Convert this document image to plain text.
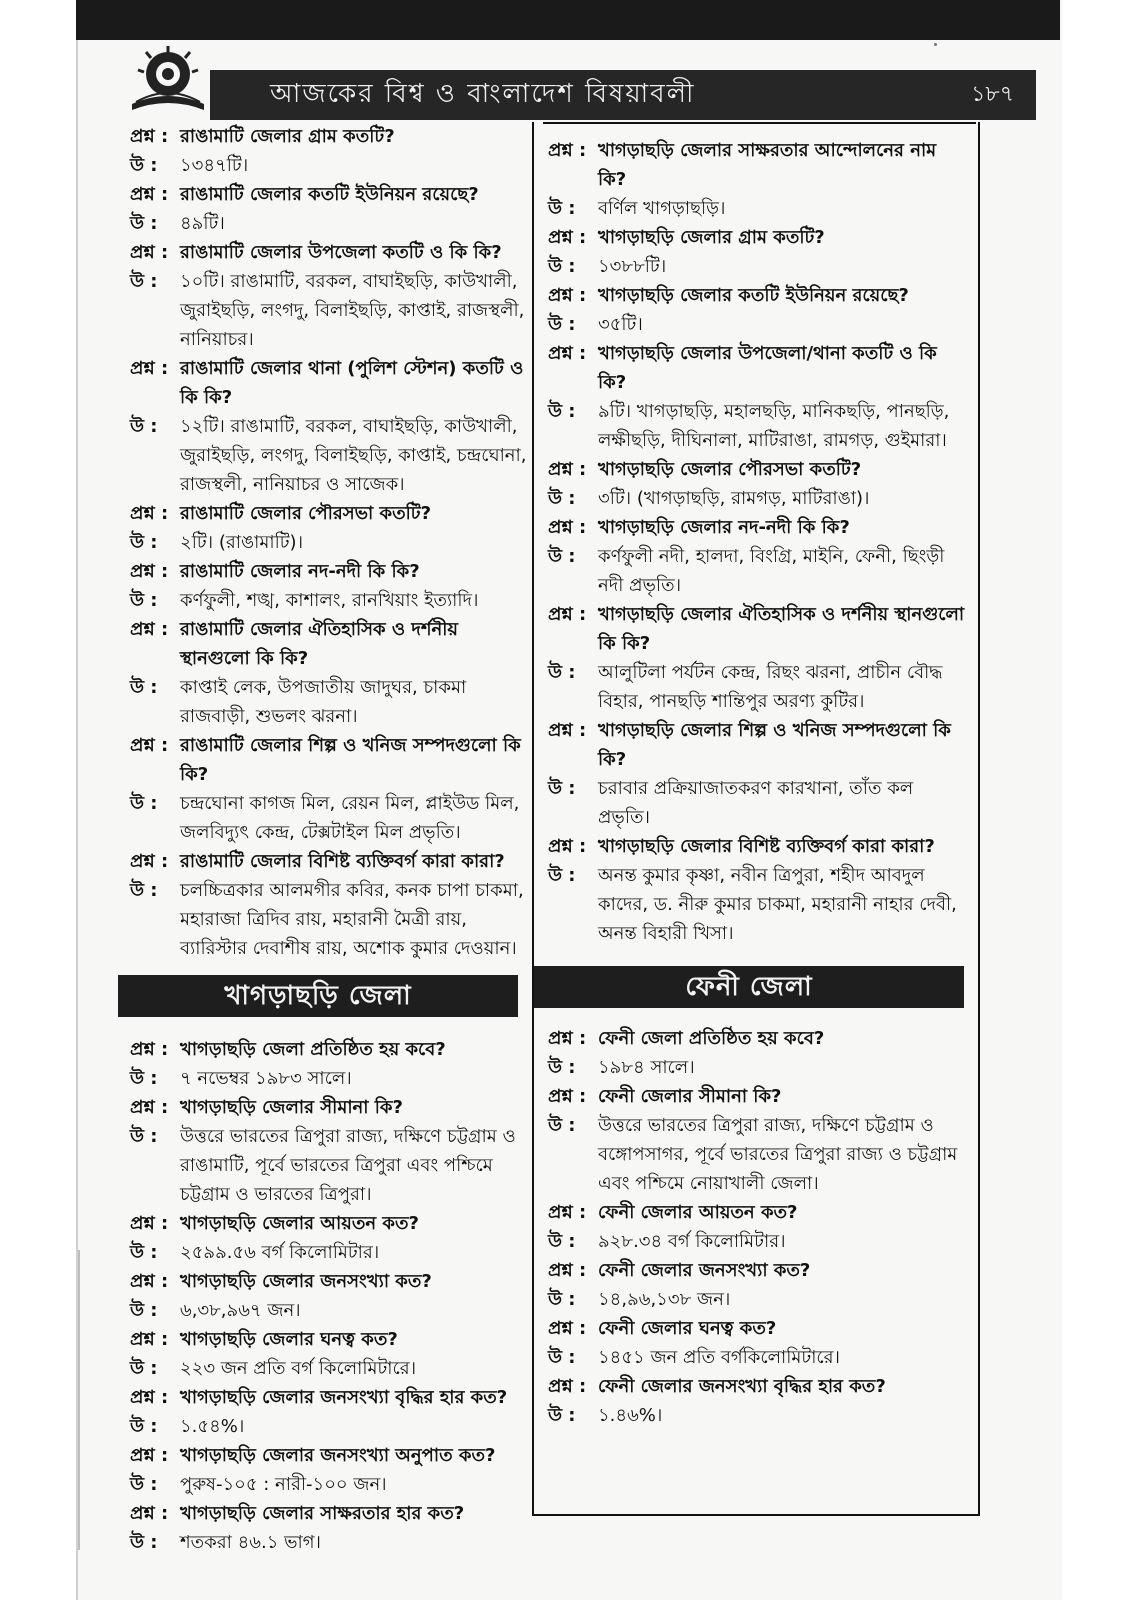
আজকের বিশ্ব ও বাংলাদেশ বিষয়াবলী	১৮৭
প্রশ্ন : রাঙামাটি জেলার গ্রাম কতটি?
উ :	১৩৪৭টি।
প্রশ্ন : রাঙামাটি জেলার কতটি ইউনিয়ন রয়েছে?
উ :	৪৯টি।
প্রশ্ন : রাঙামাটি জেলার উপজেলা কতটি ও কি কি?
উ :	১০টি। রাঙামাটি, বরকল, বাঘাইছড়ি, কাউখালী, জুরাইছড়ি, লংগদু, বিলাইছড়ি, কাপ্তাই, রাজস্থলী, নানিয়াচর।
প্রশ্ন : রাঙামাটি জেলার থানা (পুলিশ স্টেশন) কতটি ও কি কি?
উ :	১২টি। রাঙামাটি, বরকল, বাঘাইছড়ি, কাউখালী, জুরাইছড়ি, লংগদু, বিলাইছড়ি, কাপ্তাই, চন্দ্রঘোনা, রাজস্থলী, নানিয়াচর ও সাজেক।
প্রশ্ন : রাঙামাটি জেলার পৌরসভা কতটি?
উ :	২টি। (রাঙামাটি)।
প্রশ্ন : রাঙামাটি জেলার নদ-নদী কি কি?
উ :	কর্ণফুলী, শঙ্খ, কাশালং, রানখিয়াং ইত্যাদি।
প্রশ্ন : রাঙামাটি জেলার ঐতিহাসিক ও দর্শনীয় স্থানগুলো কি কি?
উ :	কাপ্তাই লেক, উপজাতীয় জাদুঘর, চাকমা রাজবাড়ী, শুভলং ঝরনা।
প্রশ্ন : রাঙামাটি জেলার শিল্প ও খনিজ সম্পদগুলো কি কি?
উ :	চন্দ্রঘোনা কাগজ মিল, রেয়ন মিল, প্লাইউড মিল, জলবিদ্যুৎ কেন্দ্র, টেক্সটাইল মিল প্রভৃতি।
প্রশ্ন : রাঙামাটি জেলার বিশিষ্ট ব্যক্তিবর্গ কারা কারা?
উ :	চলচ্চিত্রকার আলমগীর কবির, কনক চাপা চাকমা, মহারাজা ত্রিদিব রায়, মহারানী মৈত্রী রায়, ব্যারিস্টার দেবাশীষ রায়, অশোক কুমার দেওয়ান।
খাগড়াছড়ি জেলা
প্রশ্ন : খাগড়াছড়ি জেলা প্রতিষ্ঠিত হয় কবে?
উ :	৭ নভেম্বর ১৯৮৩ সালে।
প্রশ্ন : খাগড়াছড়ি জেলার সীমানা কি?
উ :	উত্তরে ভারতের ত্রিপুরা রাজ্য, দক্ষিণে চট্টগ্রাম ও রাঙামাটি, পূর্বে ভারতের ত্রিপুরা এবং পশ্চিমে চট্টগ্রাম ও ভারতের ত্রিপুরা।
প্রশ্ন : খাগড়াছড়ি জেলার আয়তন কত?
উ :	২৫৯৯.৫৬ বর্গ কিলোমিটার।
প্রশ্ন : খাগড়াছড়ি জেলার জনসংখ্যা কত?
উ :	৬,৩৮,৯৬৭ জন।
প্রশ্ন : খাগড়াছড়ি জেলার ঘনত্ব কত?
উ :	২২৩ জন প্রতি বর্গ কিলোমিটারে।
প্রশ্ন : খাগড়াছড়ি জেলার জনসংখ্যা বৃদ্ধির হার কত?
উ :	১.৫৪%।
প্রশ্ন : খাগড়াছড়ি জেলার জনসংখ্যা অনুপাত কত?
উ :	পুরুষ-১০৫ : নারী-১০০ জন।
প্রশ্ন : খাগড়াছড়ি জেলার সাক্ষরতার হার কত?
উ :	শতকরা ৪৬.১ ভাগ।
প্রশ্ন : খাগড়াছড়ি জেলার সাক্ষরতার আন্দোলনের নাম কি?
উ :	বর্ণিল খাগড়াছড়ি।
প্রশ্ন : খাগড়াছড়ি জেলার গ্রাম কতটি?
উ :	১৩৮৮টি।
প্রশ্ন : খাগড়াছড়ি জেলার কতটি ইউনিয়ন রয়েছে?
উ :	৩৫টি।
প্রশ্ন : খাগড়াছড়ি জেলার উপজেলা/থানা কতটি ও কি কি?
উ :	৯টি। খাগড়াছড়ি, মহালছড়ি, মানিকছড়ি, পানছড়ি, লক্ষীছড়ি, দীঘিনালা, মাটিরাঙা, রামগড়, গুইমারা।
প্রশ্ন : খাগড়াছড়ি জেলার পৌরসভা কতটি?
উ :	৩টি। (খাগড়াছড়ি, রামগড়, মাটিরাঙা)।
প্রশ্ন : খাগড়াছড়ি জেলার নদ-নদী কি কি?
উ :	কর্ণফুলী নদী, হালদা, বিংগ্রি, মাইনি, ফেনী, ছিংড়ী নদী প্রভৃতি।
প্রশ্ন : খাগড়াছড়ি জেলার ঐতিহাসিক ও দর্শনীয় স্থানগুলো কি কি?
উ :	আলুটিলা পর্যটন কেন্দ্র, রিছং ঝরনা, প্রাচীন বৌদ্ধ বিহার, পানছড়ি শান্তিপুর অরণ্য কুটির।
প্রশ্ন : খাগড়াছড়ি জেলার শিল্প ও খনিজ সম্পদগুলো কি কি?
উ :	চরাবার প্রক্রিয়াজাতকরণ কারখানা, তাঁত কল প্রভৃতি।
প্রশ্ন : খাগড়াছড়ি জেলার বিশিষ্ট ব্যক্তিবর্গ কারা কারা?
উ :	অনন্ত কুমার কৃষ্ণা, নবীন ত্রিপুরা, শহীদ আবদুল কাদের, ড. নীরু কুমার চাকমা, মহারানী নাহার দেবী, অনন্ত বিহারী খিসা।
ফেনী জেলা
প্রশ্ন : ফেনী জেলা প্রতিষ্ঠিত হয় কবে?
উ :	১৯৮৪ সালে।
প্রশ্ন : ফেনী জেলার সীমানা কি?
উ :	উত্তরে ভারতের ত্রিপুরা রাজ্য, দক্ষিণে চট্টগ্রাম ও বঙ্গোপসাগর, পূর্বে ভারতের ত্রিপুরা রাজ্য ও চট্টগ্রাম এবং পশ্চিমে নোয়াখালী জেলা।
প্রশ্ন : ফেনী জেলার আয়তন কত?
উ :	৯২৮.৩৪ বর্গ কিলোমিটার।
প্রশ্ন : ফেনী জেলার জনসংখ্যা কত?
উ :	১৪,৯৬,১৩৮ জন।
প্রশ্ন : ফেনী জেলার ঘনত্ব কত?
উ :	১৪৫১ জন প্রতি বর্গকিলোমিটারে।
প্রশ্ন : ফেনী জেলার জনসংখ্যা বৃদ্ধির হার কত?
উ :	১.৪৬%।
